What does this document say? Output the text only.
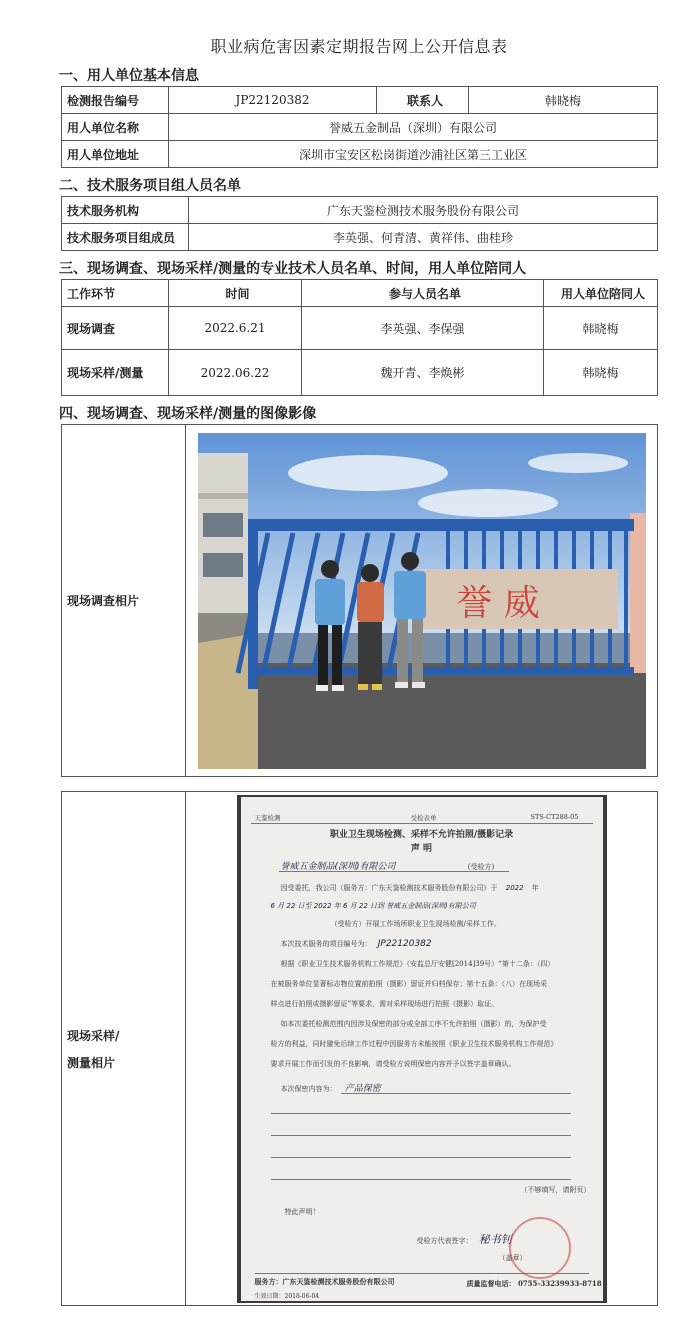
职业病危害因素定期报告网上公开信息表
一、用人单位基本信息
检测报告编号	JP22120382	联系人	韩晓梅
用人单位名称	誉威五金制品（深圳）有限公司		
用人单位地址	深圳市宝安区松岗街道沙浦社区第三工业区		
二、技术服务项目组人员名单
技术服务机构	广东天鉴检测技术服务股份有限公司
技术服务项目组成员	李英强、何青清、黄祥伟、曲桂珍
三、现场调查、现场采样/测量的专业技术人员名单、时间，用人单位陪同人
工作环节	时间	参与人员名单	用人单位陪同人
现场调查	2022.6.21	李英强、李保强	韩晓梅
现场采样/测量	2022.06.22	魏开青、李焕彬	韩晓梅
四、现场调查、现场采样/测量的图像影像
现场调查相片	誉 威
现场采样/
测量相片

天鉴检测	受检表单	STS-CT288-05
职业卫生现场检测、采样不允许拍照/摄影记录
声 明
誉威五金制品(深圳)有限公司	(受检方)
因受委托，我公司（服务方：广东天鉴检测技术服务股份有限公司）于 2022 年
6 月 22 日至 2022 年 6 月 22 日到 誉威五金制品(深圳)有限公司
（受检方）开展工作场所职业卫生现场检测/采样工作。
本次技术服务的项目编号为： JP22120382
根据《职业卫生技术服务机构工作规范》（安监总厅安健[2014]39号）“第十二条：（四）
在被服务单位显著标志物位置前拍照（摄影）留证并归档保存；第十五条：（八）在现场采
样点进行拍照或摄影留证”等要求，需对采样现场进行拍照（摄影）取证。
如本次委托检测范围内因涉及保密的部分或全部工序不允许拍照（摄影）的，为保护受
检方的利益，同时避免后续工作过程中因服务方未能按照《职业卫生技术服务机构工作规范》
要求开展工作而引发的不良影响，请受检方说明保密内容并予以签字盖章确认。
本次保密内容为： 产品保密
（不够填写，请附页）
特此声明！
受检方代表签字： 秘书钊
（盖章）
服务方：广东天鉴检测技术服务股份有限公司	质量监督电话： 0755-33239933-8718
生效日期：2018-06-04
